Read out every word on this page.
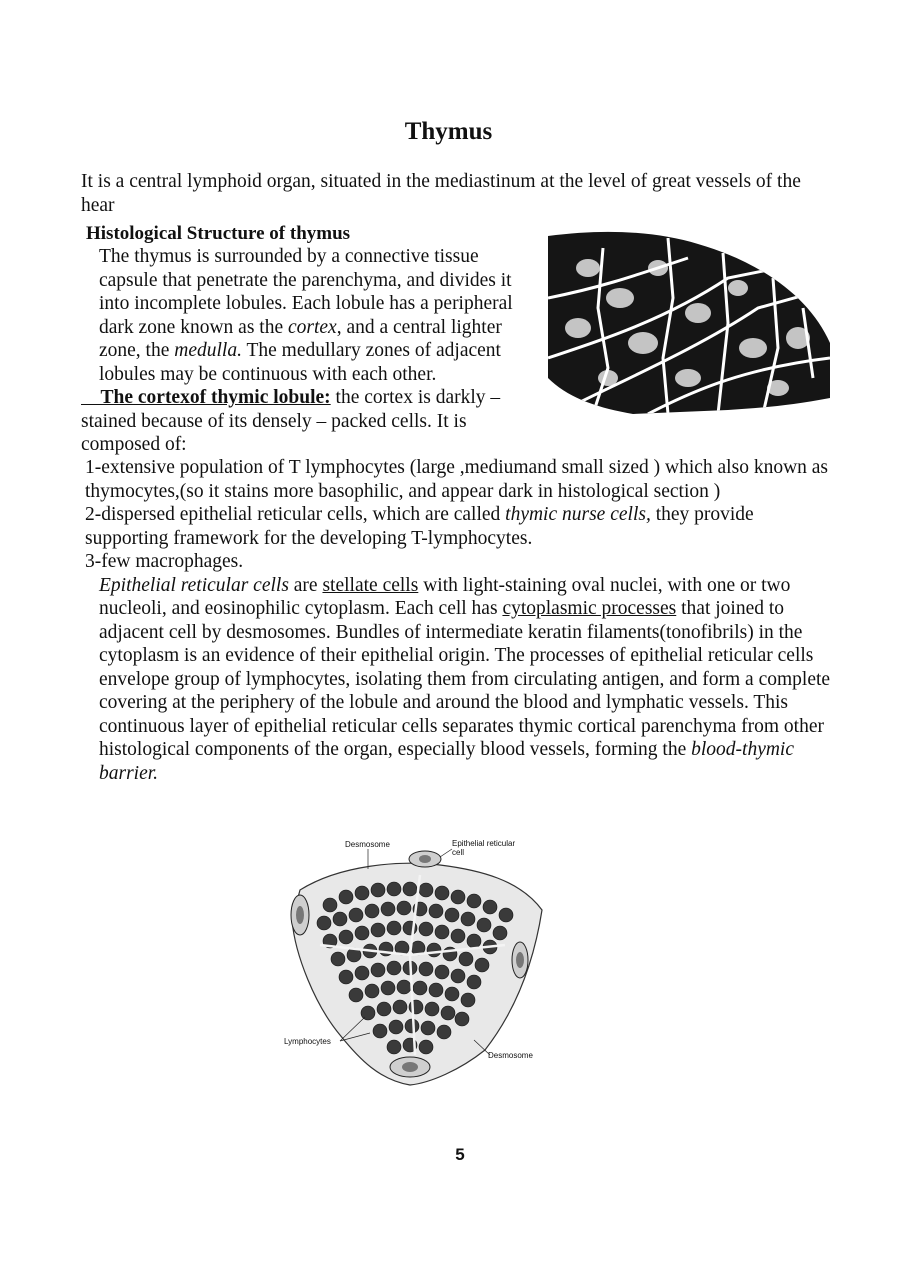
Thymus
It is a central lymphoid organ, situated in the mediastinum at the level of great vessels of the hear
Histological Structure of thymus
The thymus is surrounded by a connective tissue capsule that penetrate the parenchyma, and divides it into incomplete lobules. Each lobule has a peripheral dark zone known as the cortex, and a central lighter zone, the medulla. The medullary zones of adjacent lobules may be continuous with each other.
The cortexof thymic lobule: the cortex is darkly – stained because of its densely – packed cells. It is composed of:

1-extensive population of T lymphocytes (large ,mediumand small sized ) which also known as thymocytes,(so it stains more basophilic, and appear dark in histological section )

2-dispersed epithelial reticular cells, which are called thymic nurse cells, they provide supporting framework for the developing T-lymphocytes.

3-few macrophages.

Epithelial reticular cells are stellate cells with light-staining oval nuclei, with one or two nucleoli, and eosinophilic cytoplasm. Each cell has cytoplasmic processes that joined to adjacent cell by desmosomes. Bundles of intermediate keratin filaments(tonofibrils) in the cytoplasm is an evidence of their epithelial origin. The processes of epithelial reticular cells envelope group of lymphocytes, isolating them from circulating antigen, and form a complete covering at the periphery of the lobule and around the blood and lymphatic vessels. This continuous layer of epithelial reticular cells separates thymic cortical parenchyma from other histological components of the organ, especially blood vessels, forming the blood-thymic barrier.

Desmosome	Epithelial reticular cell
Lymphocytes
Desmosome
5
